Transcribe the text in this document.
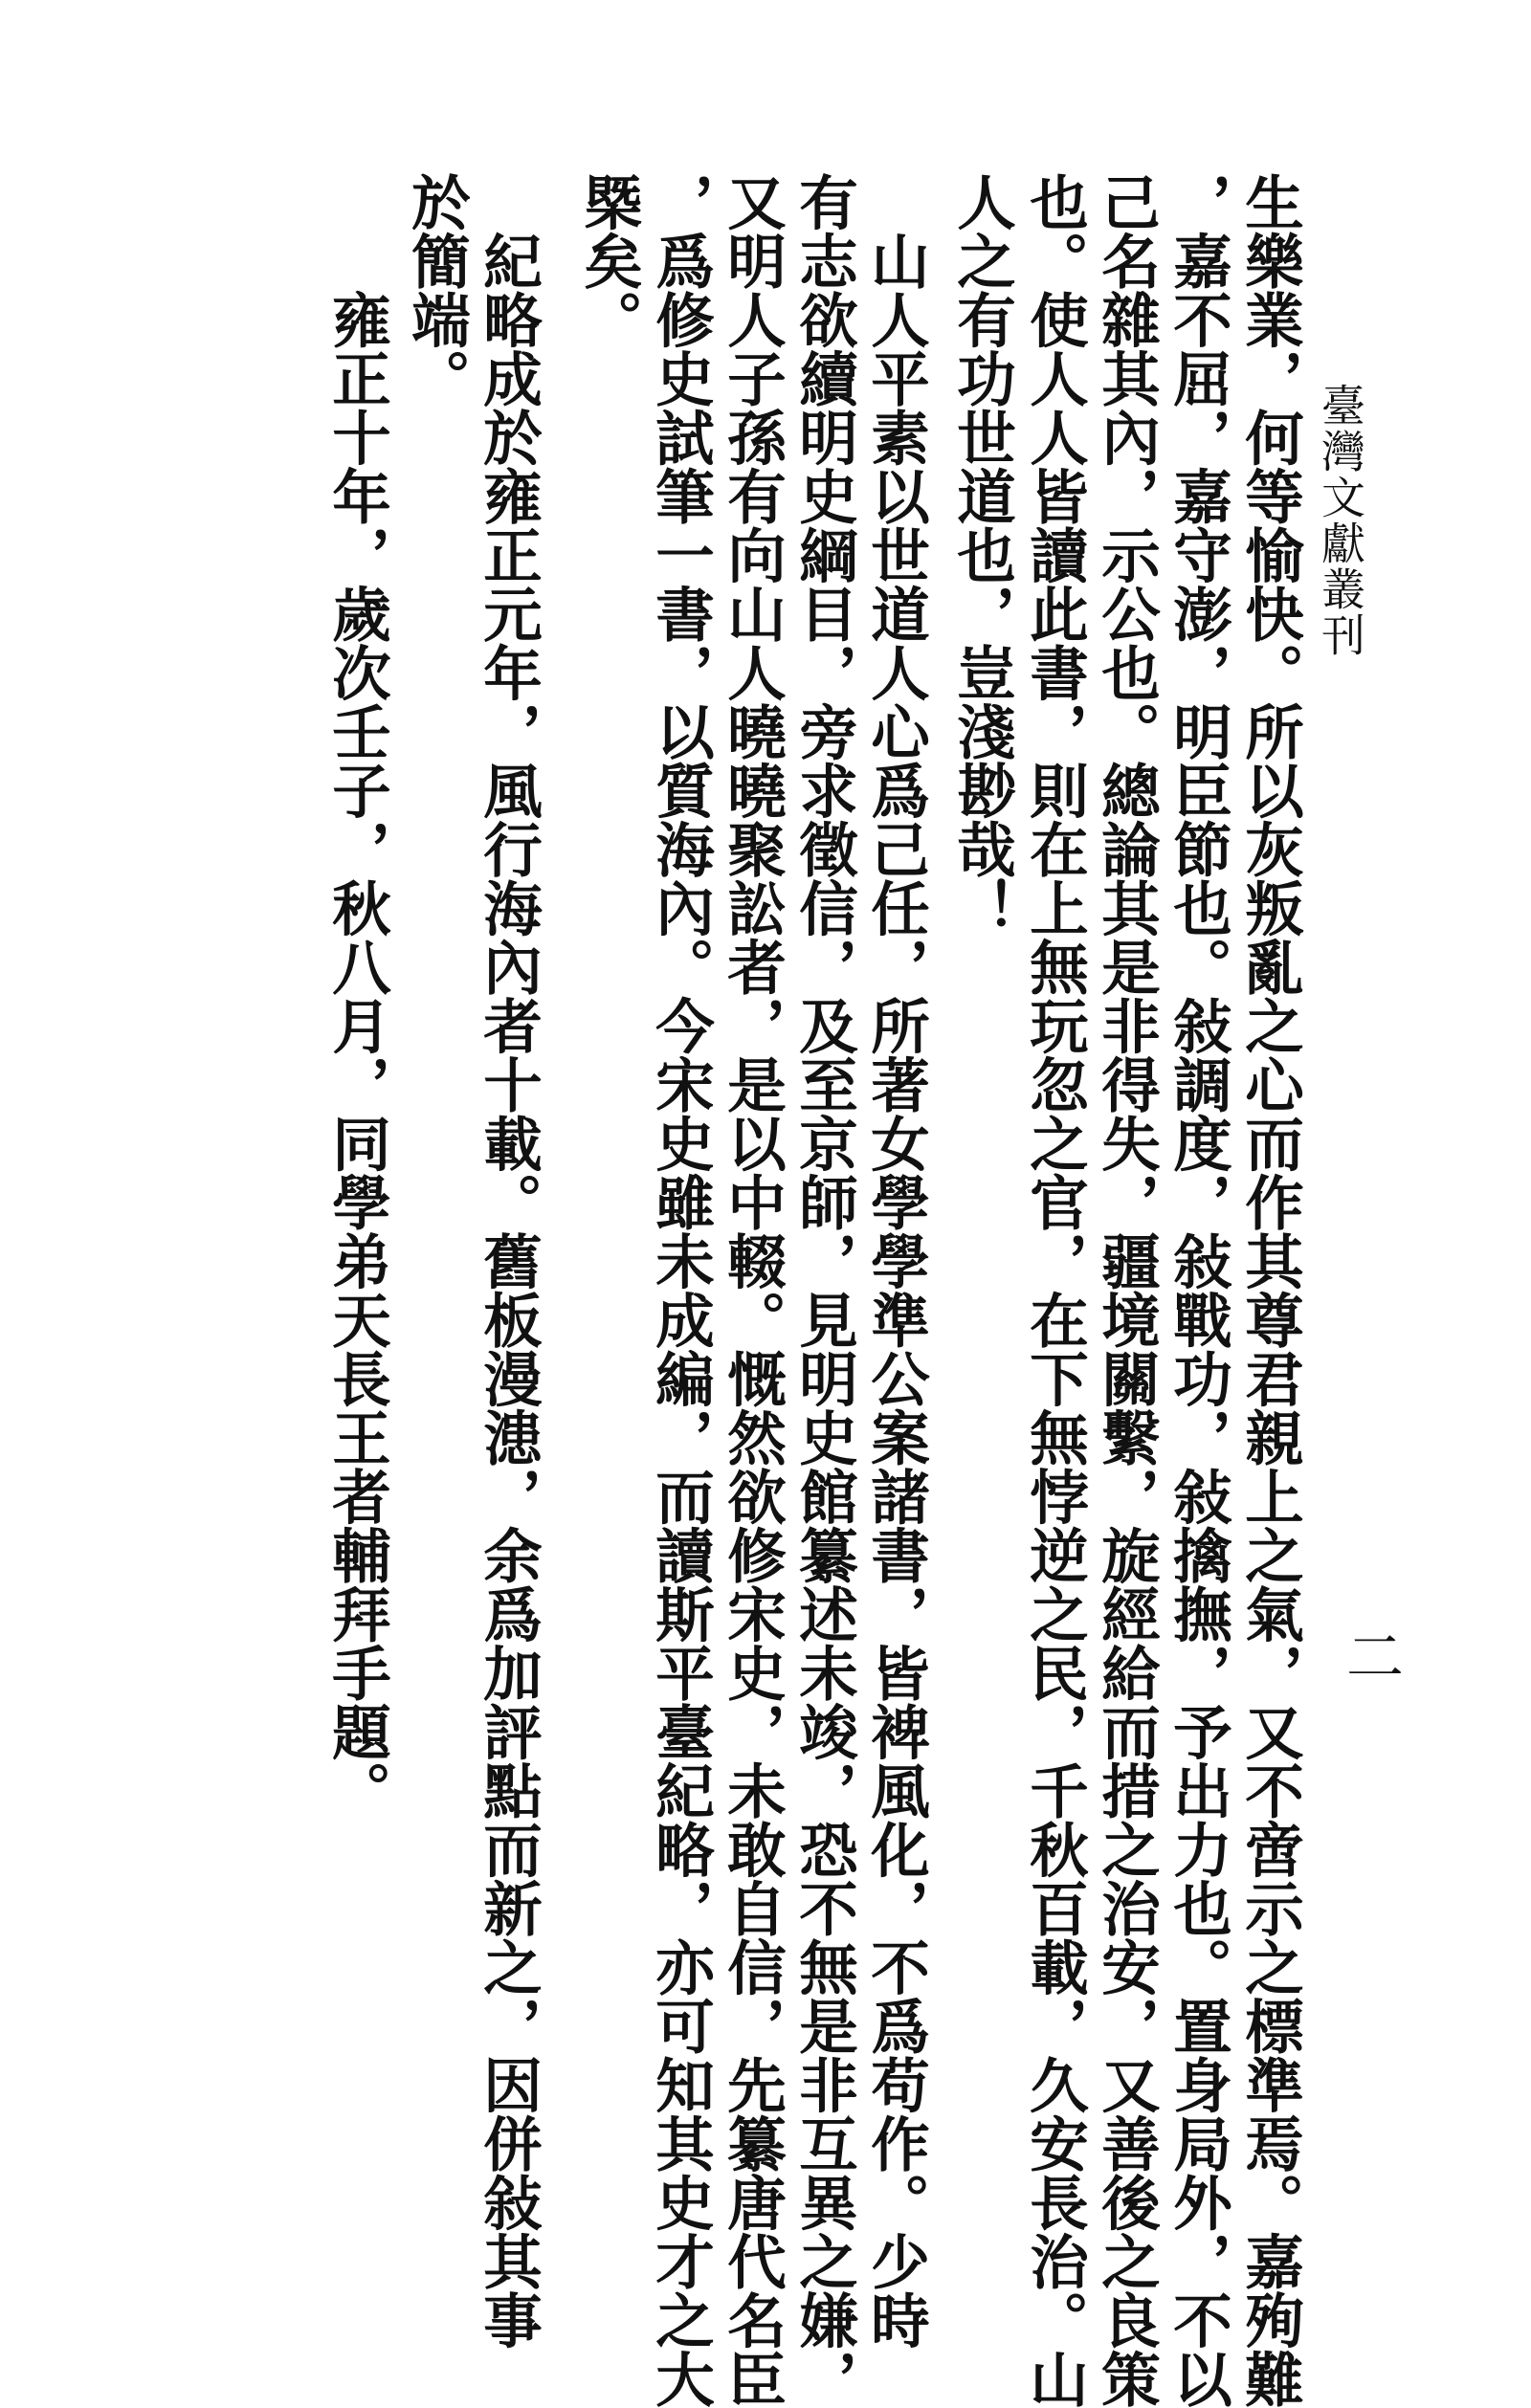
臺灣文獻叢刊
二
生樂業，何等愉快。所以灰叛亂之心而作其尊君親上之氣，又不啻示之標準焉。嘉殉難
，嘉不屈，嘉守澎，明臣節也。敍調度，敍戰功，敍擒撫，予出力也。置身局外，不以
己名雜其內，示公也。總論其是非得失，疆境關繫，旋經給而措之治安，又善後之良策
也。使人人皆讀此書，則在上無玩忽之官，在下無悖逆之民，千秋百載，久安長治。山
人之有功世道也，豈淺尠哉！
　山人平素以世道人心爲己任，所著女學學準公案諸書，皆裨風化，不爲苟作。少時
有志欲續明史綱目，旁求徵信，及至京師，見明史館纂述未竣，恐不無是非互異之嫌，
又明人子孫有向山人曉曉聚訟者，是以中輟。慨然欲修宋史，未敢自信，先纂唐代名臣
，爲修史試筆一書，以質海內。今宋史雖未成編，而讀斯平臺紀略，亦可知其史才之大
槩矣。
　紀略成於雍正元年，風行海內者十載。舊板漫漶，余爲加評點而新之，因併敍其事
於簡端。
　　雍正十年，歲次壬子，秋八月，同學弟天長王者輔拜手題。
